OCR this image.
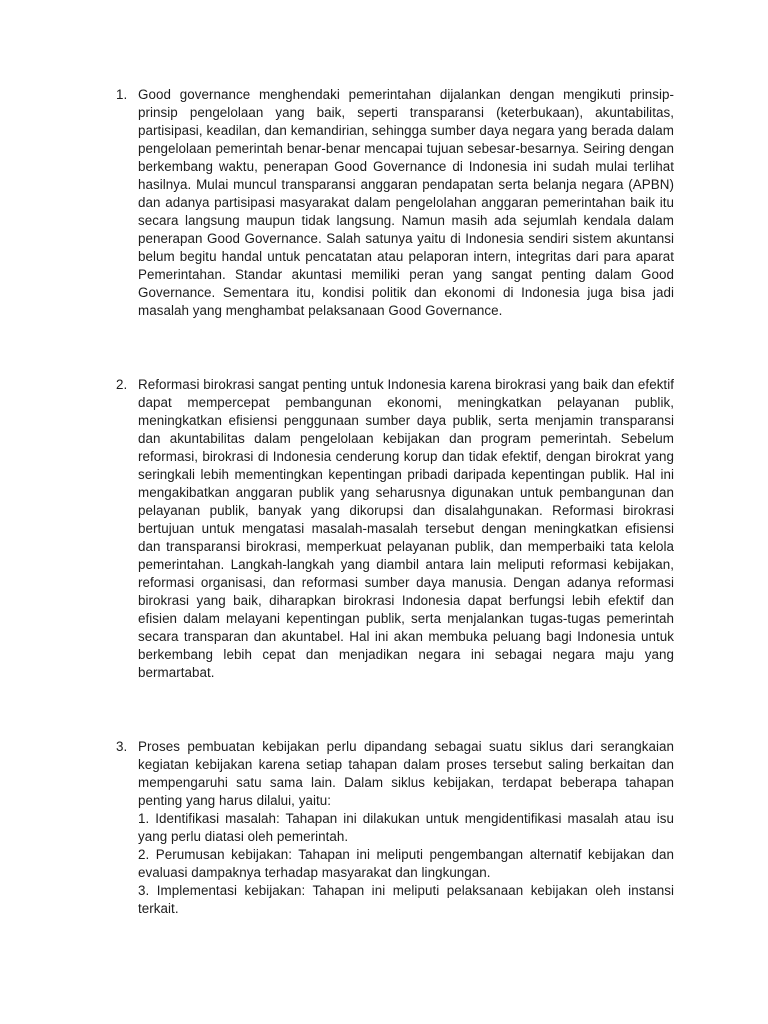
1. Good governance menghendaki pemerintahan dijalankan dengan mengikuti prinsip-prinsip pengelolaan yang baik, seperti transparansi (keterbukaan), akuntabilitas, partisipasi, keadilan, dan kemandirian, sehingga sumber daya negara yang berada dalam pengelolaan pemerintah benar-benar mencapai tujuan sebesar-besarnya. Seiring dengan berkembang waktu, penerapan Good Governance di Indonesia ini sudah mulai terlihat hasilnya. Mulai muncul transparansi anggaran pendapatan serta belanja negara (APBN) dan adanya partisipasi masyarakat dalam pengelolahan anggaran pemerintahan baik itu secara langsung maupun tidak langsung. Namun masih ada sejumlah kendala dalam penerapan Good Governance. Salah satunya yaitu di Indonesia sendiri sistem akuntansi belum begitu handal untuk pencatatan atau pelaporan intern, integritas dari para aparat Pemerintahan. Standar akuntasi memiliki peran yang sangat penting dalam Good Governance. Sementara itu, kondisi politik dan ekonomi di Indonesia juga bisa jadi masalah yang menghambat pelaksanaan Good Governance.

2. Reformasi birokrasi sangat penting untuk Indonesia karena birokrasi yang baik dan efektif dapat mempercepat pembangunan ekonomi, meningkatkan pelayanan publik, meningkatkan efisiensi penggunaan sumber daya publik, serta menjamin transparansi dan akuntabilitas dalam pengelolaan kebijakan dan program pemerintah. Sebelum reformasi, birokrasi di Indonesia cenderung korup dan tidak efektif, dengan birokrat yang seringkali lebih mementingkan kepentingan pribadi daripada kepentingan publik. Hal ini mengakibatkan anggaran publik yang seharusnya digunakan untuk pembangunan dan pelayanan publik, banyak yang dikorupsi dan disalahgunakan. Reformasi birokrasi bertujuan untuk mengatasi masalah-masalah tersebut dengan meningkatkan efisiensi dan transparansi birokrasi, memperkuat pelayanan publik, dan memperbaiki tata kelola pemerintahan. Langkah-langkah yang diambil antara lain meliputi reformasi kebijakan, reformasi organisasi, dan reformasi sumber daya manusia. Dengan adanya reformasi birokrasi yang baik, diharapkan birokrasi Indonesia dapat berfungsi lebih efektif dan efisien dalam melayani kepentingan publik, serta menjalankan tugas-tugas pemerintah secara transparan dan akuntabel. Hal ini akan membuka peluang bagi Indonesia untuk berkembang lebih cepat dan menjadikan negara ini sebagai negara maju yang bermartabat.

3. Proses pembuatan kebijakan perlu dipandang sebagai suatu siklus dari serangkaian kegiatan kebijakan karena setiap tahapan dalam proses tersebut saling berkaitan dan mempengaruhi satu sama lain. Dalam siklus kebijakan, terdapat beberapa tahapan penting yang harus dilalui, yaitu:
1. Identifikasi masalah: Tahapan ini dilakukan untuk mengidentifikasi masalah atau isu yang perlu diatasi oleh pemerintah.
2. Perumusan kebijakan: Tahapan ini meliputi pengembangan alternatif kebijakan dan evaluasi dampaknya terhadap masyarakat dan lingkungan.
3. Implementasi kebijakan: Tahapan ini meliputi pelaksanaan kebijakan oleh instansi terkait.
